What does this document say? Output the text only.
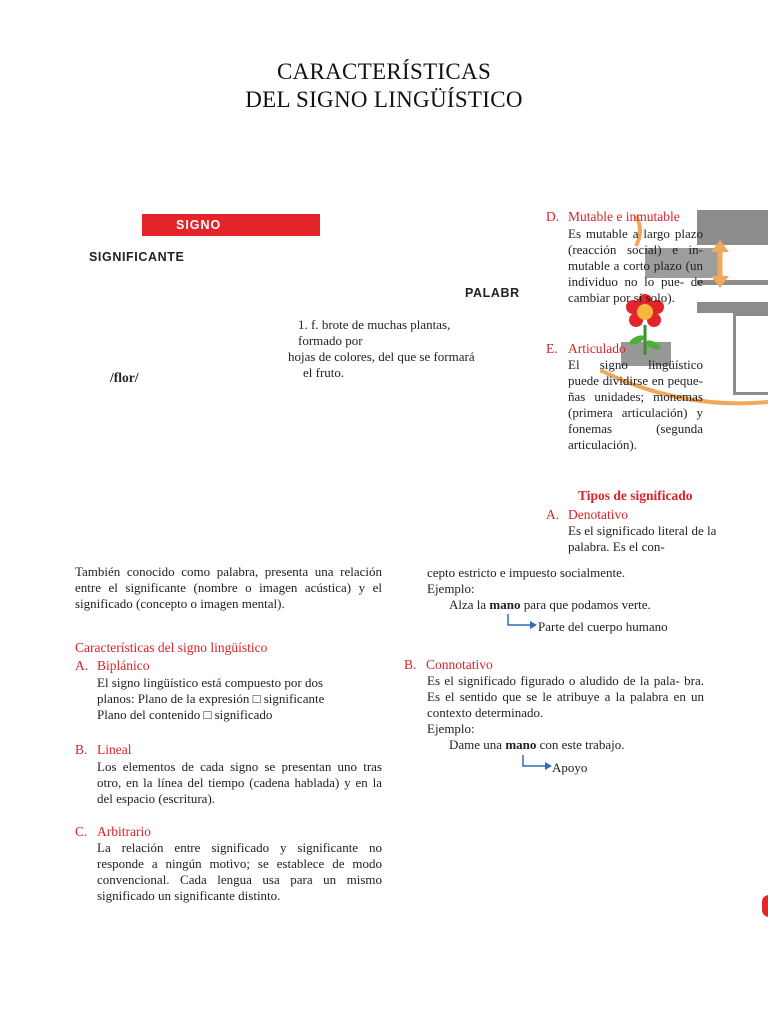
CARACTERÍSTICAS
DEL SIGNO LINGÜÍSTICO
SIGNO
SIGNIFICANTE
PALABR
1. f. brote de muchas plantas,
formado por
hojas de colores, del que se formará
el fruto.
/flor/
D. Mutable e inmutable
Es mutable a largo plazo (reacción social) e in- mutable a corto plazo (un individuo no lo pue- de cambiar por sí solo).
E. Articulado
El signo lingüístico puede dividirse en peque- ñas unidades; monemas (primera articulación) y fonemas (segunda articulación).
Tipos de significado
A. Denotativo
Es el significado literal de la
palabra. Es el con-
cepto estricto e impuesto socialmente.
Ejemplo:
Alza la mano para que podamos verte.
Parte del cuerpo humano
B. Connotativo
Es el significado figurado o aludido de la pala- bra. Es el sentido que se le atribuye a la palabra en un contexto determinado.
Ejemplo:
Dame una mano con este trabajo.
Apoyo
También conocido como palabra, presenta una relación entre el significante (nombre o imagen acústica) y el significado (concepto o imagen mental).
Características del signo lingüístico
A. Biplánico
El signo lingüístico está compuesto por dos
planos: Plano de la expresión □ significante
Plano del contenido □ significado
B. Lineal
Los elementos de cada signo se presentan uno tras otro, en la línea del tiempo (cadena hablada) y en la del espacio (escritura).
C. Arbitrario
La relación entre significado y significante no responde a ningún motivo; se establece de modo convencional. Cada lengua usa para un mismo significado un significante distinto.
